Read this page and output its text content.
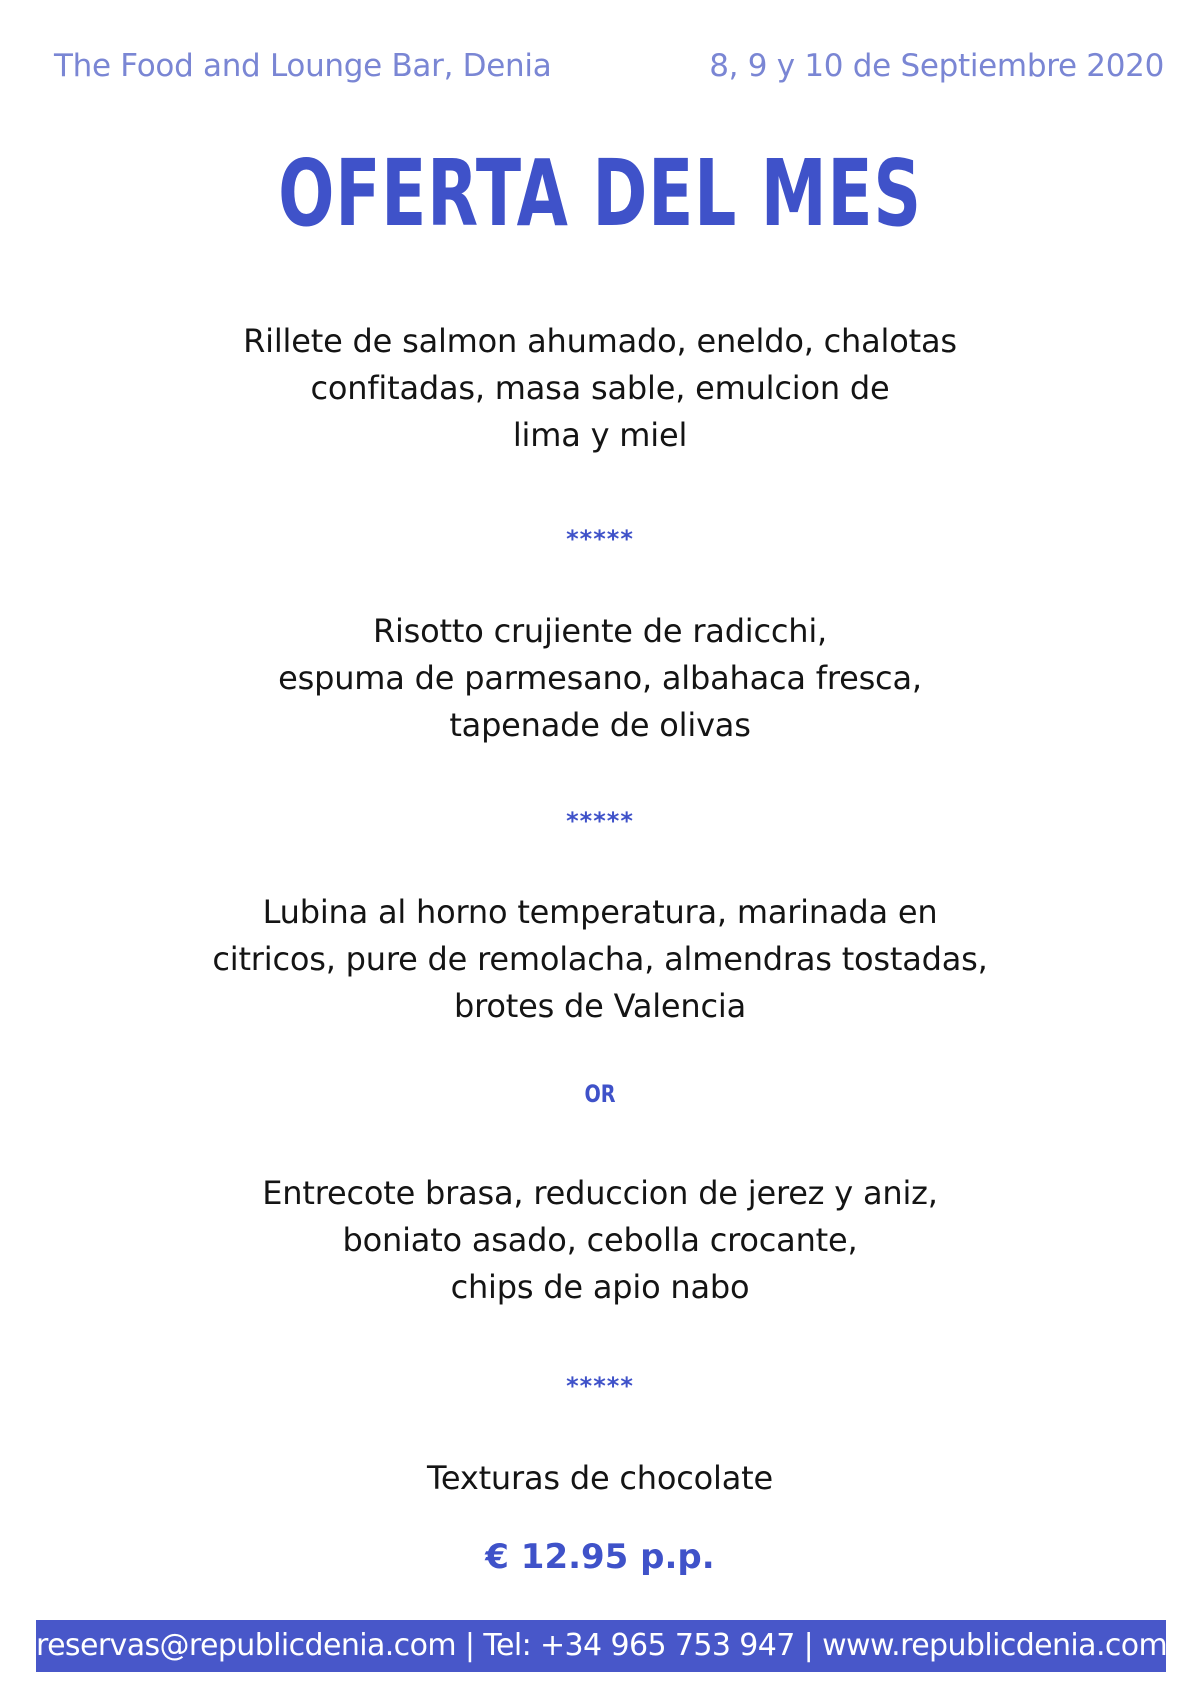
The Food and Lounge Bar, Denia	8, 9 y 10 de Septiembre 2020
OFERTA DEL MES
Rillete de salmon ahumado, eneldo, chalotas
confitadas, masa sable, emulcion de
lima y miel
*****
Risotto crujiente de radicchi,
espuma de parmesano, albahaca fresca,
tapenade de olivas
*****
Lubina al horno temperatura, marinada en
citricos, pure de remolacha, almendras tostadas,
brotes de Valencia
OR
Entrecote brasa, reduccion de jerez y aniz,
boniato asado, cebolla crocante,
chips de apio nabo
*****
Texturas de chocolate
€ 12.95 p.p.
reservas@republicdenia.com | Tel: +34 965 753 947 | www.republicdenia.com
